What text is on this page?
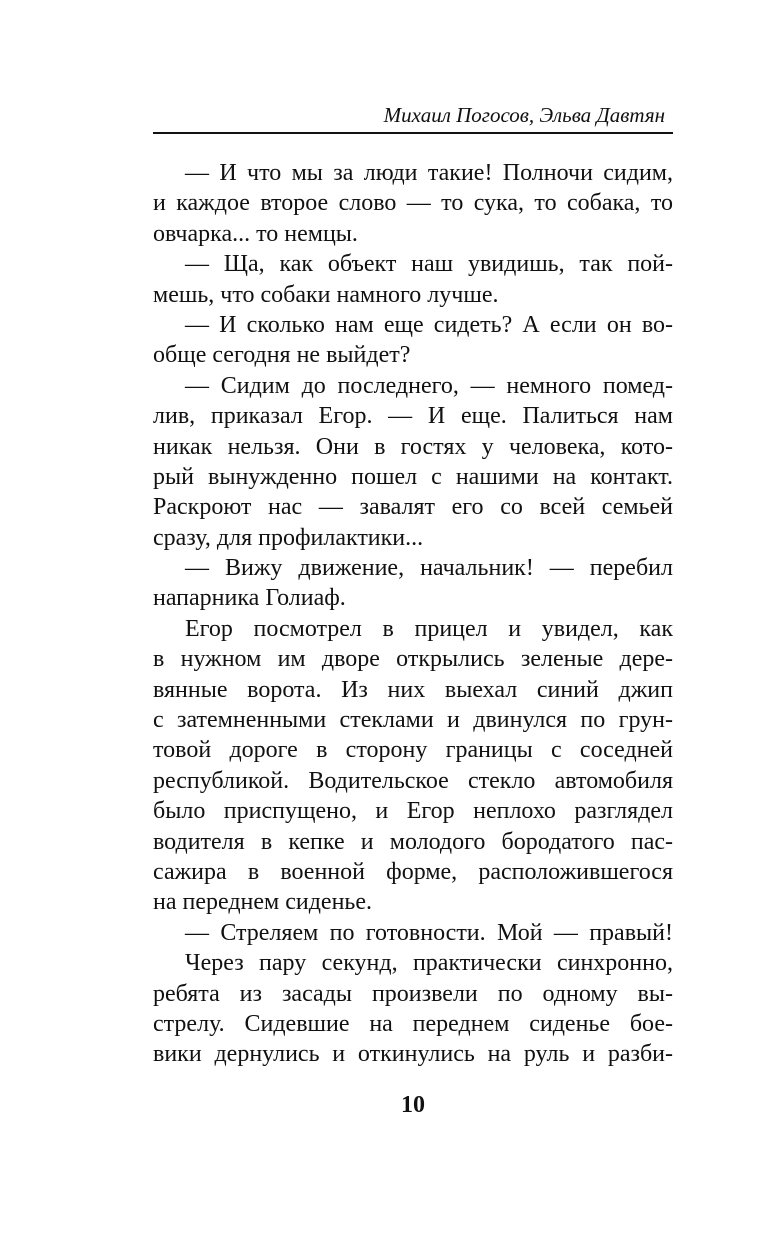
Михаил Погосов, Эльва Давтян
— И что мы за люди такие! Полночи сидим,
и каждое второе слово — то сука, то собака, то
овчарка... то немцы.
— Ща, как объект наш увидишь, так пой-
мешь, что собаки намного лучше.
— И сколько нам еще сидеть? А если он во-
обще сегодня не выйдет?
— Сидим до последнего, — немного помед-
лив, приказал Егор. — И еще. Палиться нам
никак нельзя. Они в гостях у человека, кото-
рый вынужденно пошел с нашими на контакт.
Раскроют нас — завалят его со всей семьей
сразу, для профилактики...
— Вижу движение, начальник! — перебил
напарника Голиаф.
Егор посмотрел в прицел и увидел, как
в нужном им дворе открылись зеленые дере-
вянные ворота. Из них выехал синий джип
с затемненными стеклами и двинулся по грун-
товой дороге в сторону границы с соседней
республикой. Водительское стекло автомобиля
было приспущено, и Егор неплохо разглядел
водителя в кепке и молодого бородатого пас-
сажира в военной форме, расположившегося
на переднем сиденье.
— Стреляем по готовности. Мой — правый!
Через пару секунд, практически синхронно,
ребята из засады произвели по одному вы-
стрелу. Сидевшие на переднем сиденье бое-
вики дернулись и откинулись на руль и разби-
10
